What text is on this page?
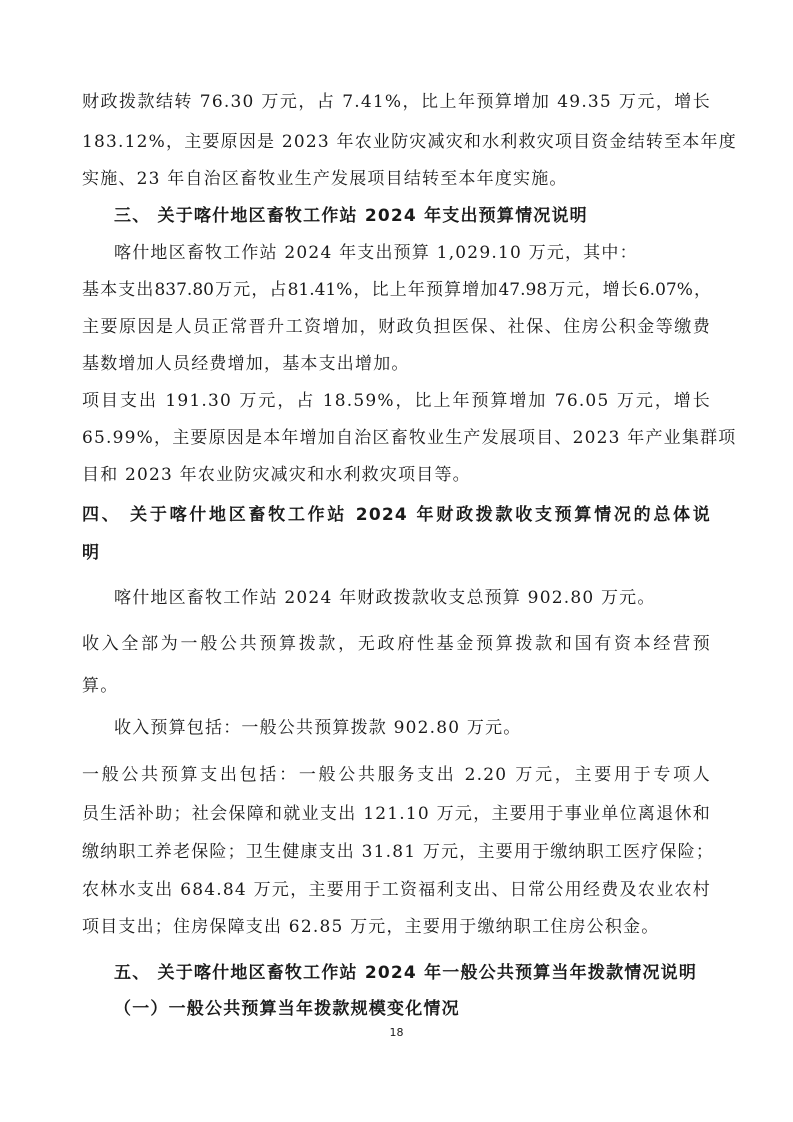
财政拨款结转 76.30 万元，占 7.41%，比上年预算增加 49.35 万元，增长
183.12%，主要原因是 2023 年农业防灾减灾和水利救灾项目资金结转至本年度
实施、23 年自治区畜牧业生产发展项目结转至本年度实施。
三、 关于喀什地区畜牧工作站 2024 年支出预算情况说明
喀什地区畜牧工作站 2024 年支出预算 1,029.10 万元，其中：
基本支出837.80万元，占81.41%，比上年预算增加47.98万元，增长6.07%，
主要原因是人员正常晋升工资增加，财政负担医保、社保、住房公积金等缴费
基数增加人员经费增加，基本支出增加。
项目支出 191.30 万元，占 18.59%，比上年预算增加 76.05 万元，增长
65.99%，主要原因是本年增加自治区畜牧业生产发展项目、2023 年产业集群项
目和 2023 年农业防灾减灾和水利救灾项目等。
四、 关于喀什地区畜牧工作站 2024 年财政拨款收支预算情况的总体说
明
喀什地区畜牧工作站 2024 年财政拨款收支总预算 902.80 万元。
收入全部为一般公共预算拨款，无政府性基金预算拨款和国有资本经营预
算。
收入预算包括：一般公共预算拨款 902.80 万元。
一般公共预算支出包括：一般公共服务支出 2.20 万元，主要用于专项人
员生活补助；社会保障和就业支出 121.10 万元，主要用于事业单位离退休和
缴纳职工养老保险；卫生健康支出 31.81 万元，主要用于缴纳职工医疗保险；
农林水支出 684.84 万元，主要用于工资福利支出、日常公用经费及农业农村
项目支出；住房保障支出 62.85 万元，主要用于缴纳职工住房公积金。
五、 关于喀什地区畜牧工作站 2024 年一般公共预算当年拨款情况说明
（一）一般公共预算当年拨款规模变化情况
18
